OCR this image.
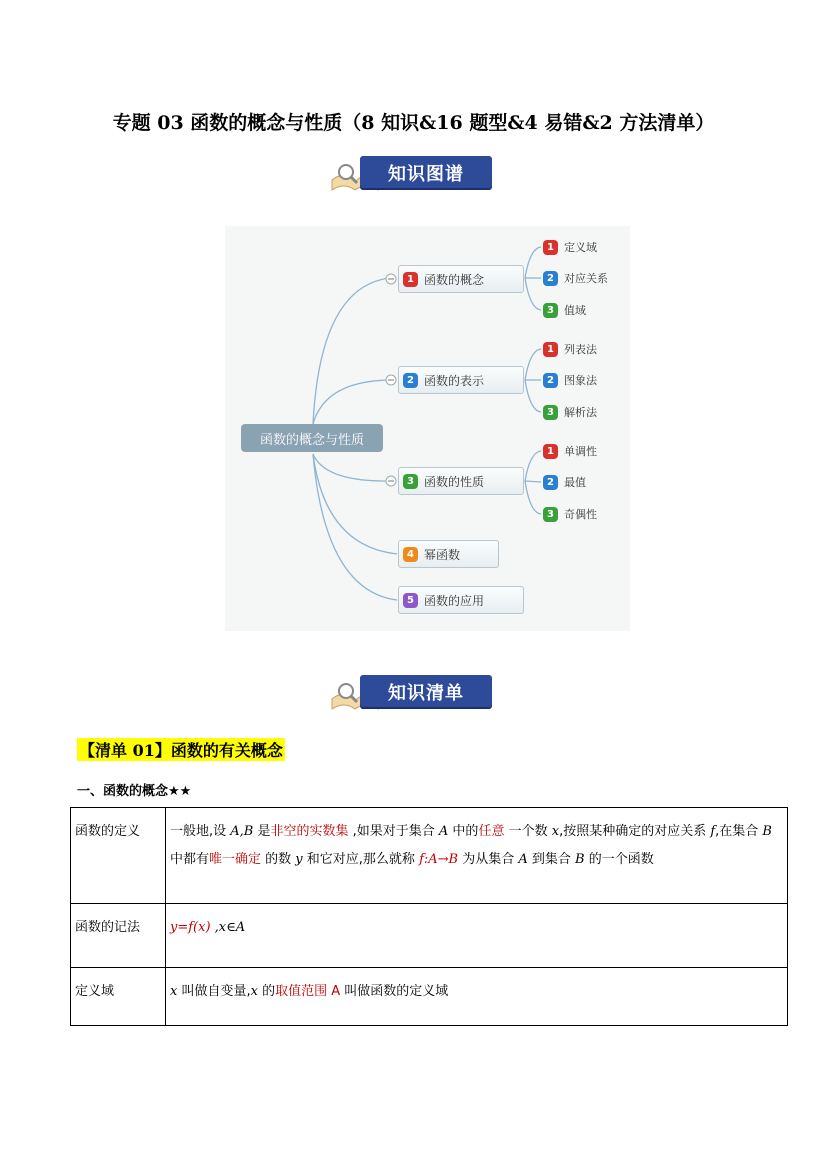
专题 03 函数的概念与性质（8 知识&16 题型&4 易错&2 方法清单）
知识图谱
函数的概念与性质
1 函数的概念
2 函数的表示
3 函数的性质
4 幂函数
5 函数的应用
1 定义域
2 对应关系
3 值域
1 列表法
2 图象法
3 解析法
1 单调性
2 最值
3 奇偶性
知识清单
【清单 01】函数的有关概念
一、函数的概念★★
函数的定义	一般地,设 A,B 是非空的实数集 ,如果对于集合 A 中的任意 一个数 x,按照某种确定的对应关系 f,在集合 B 中都有唯一确定 的数 y 和它对应,那么就称 f:A→B 为从集合 A 到集合 B 的一个函数
函数的记法	y=f(x) ,x∈A
定义域	x 叫做自变量,x 的取值范围 A 叫做函数的定义域
